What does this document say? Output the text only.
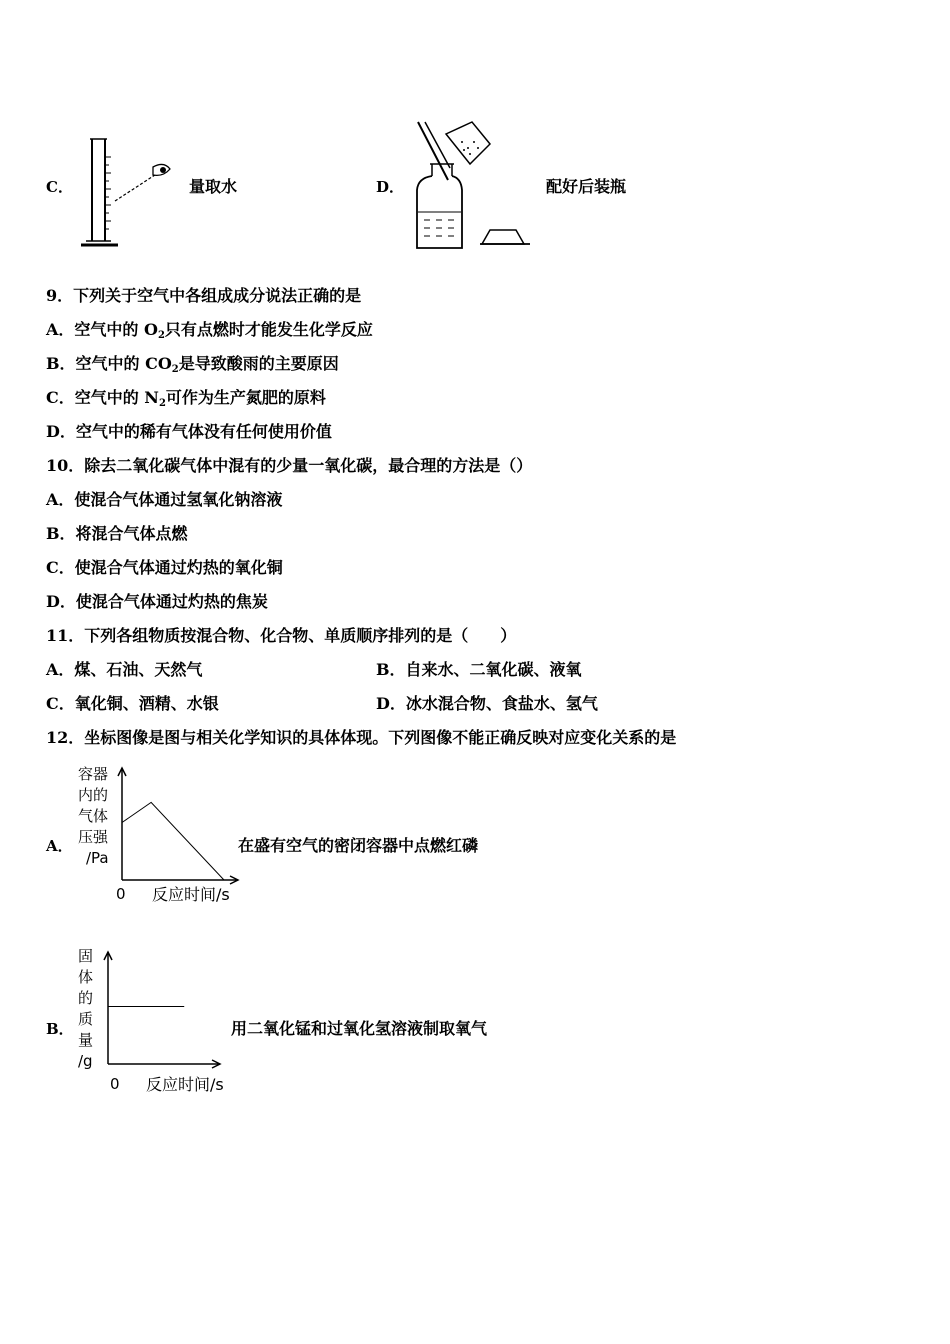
C．	量取水	D．	配好后装瓶
9．下列关于空气中各组成成分说法正确的是
A．空气中的 $O_2$只有点燃时才能发生化学反应
B．空气中的 $CO_2$是导致酸雨的主要原因
C．空气中的 $N_2$可作为生产氮肥的原料
D．空气中的稀有气体没有任何使用价值
10．除去二氧化碳气体中混有的少量一氧化碳，最合理的方法是（）
A．使混合气体通过氢氧化钠溶液
B．将混合气体点燃
C．使混合气体通过灼热的氧化铜
D．使混合气体通过灼热的焦炭
11．下列各组物质按混合物、化合物、单质顺序排列的是（　　）
A．煤、石油、天然气	B．自来水、二氧化碳、液氧
C．氧化铜、酒精、水银	D．冰水混合物、食盐水、氢气
12．坐标图像是图与相关化学知识的具体体现。下列图像不能正确反映对应变化关系的是
A．
容器
内的
气体
压强
/Pa
0 反应时间/s
在盛有空气的密闭容器中点燃红磷
B．
固
体
的
质
量
/g
0 反应时间/s
用二氧化锰和过氧化氢溶液制取氧气
